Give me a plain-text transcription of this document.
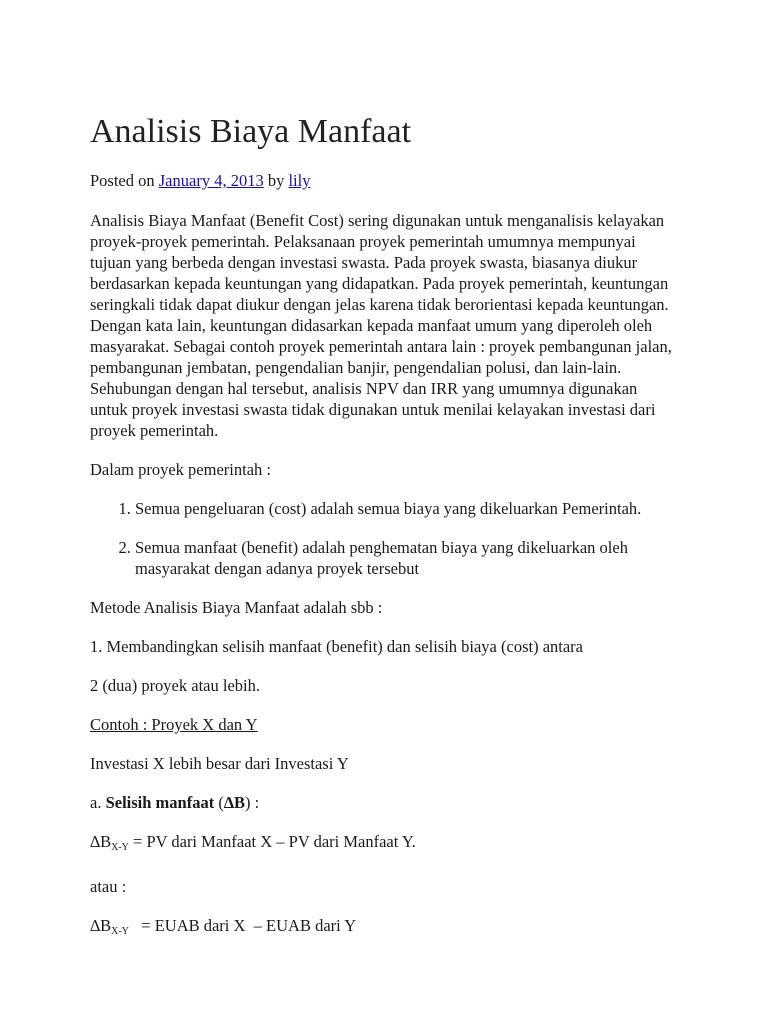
Analisis Biaya Manfaat
Posted on January 4, 2013 by lily

Analisis Biaya Manfaat (Benefit Cost) sering digunakan untuk menganalisis kelayakan proyek-proyek pemerintah. Pelaksanaan proyek pemerintah umumnya mempunyai tujuan yang berbeda dengan investasi swasta. Pada proyek swasta, biasanya diukur berdasarkan kepada keuntungan yang didapatkan. Pada proyek pemerintah, keuntungan seringkali tidak dapat diukur dengan jelas karena tidak berorientasi kepada keuntungan. Dengan kata lain, keuntungan didasarkan kepada manfaat umum yang diperoleh oleh masyarakat. Sebagai contoh proyek pemerintah antara lain : proyek pembangunan jalan, pembangunan jembatan, pengendalian banjir, pengendalian polusi, dan lain-lain. Sehubungan dengan hal tersebut, analisis NPV dan IRR yang umumnya digunakan untuk proyek investasi swasta tidak digunakan untuk menilai kelayakan investasi dari proyek pemerintah.

Dalam proyek pemerintah :

1. Semua pengeluaran (cost) adalah semua biaya yang dikeluarkan Pemerintah.
2. Semua manfaat (benefit) adalah penghematan biaya yang dikeluarkan oleh masyarakat dengan adanya proyek tersebut

Metode Analisis Biaya Manfaat adalah sbb :

1. Membandingkan selisih manfaat (benefit) dan selisih biaya (cost) antara

2 (dua) proyek atau lebih.

Contoh : Proyek X dan Y

Investasi X lebih besar dari Investasi Y

a. Selisih manfaat (∆B) :

$\Delta B_{X-Y}$ = PV dari Manfaat X – PV dari Manfaat Y.

atau :

$\Delta B_{X-Y}$   = EUAB dari X  – EUAB dari Y
